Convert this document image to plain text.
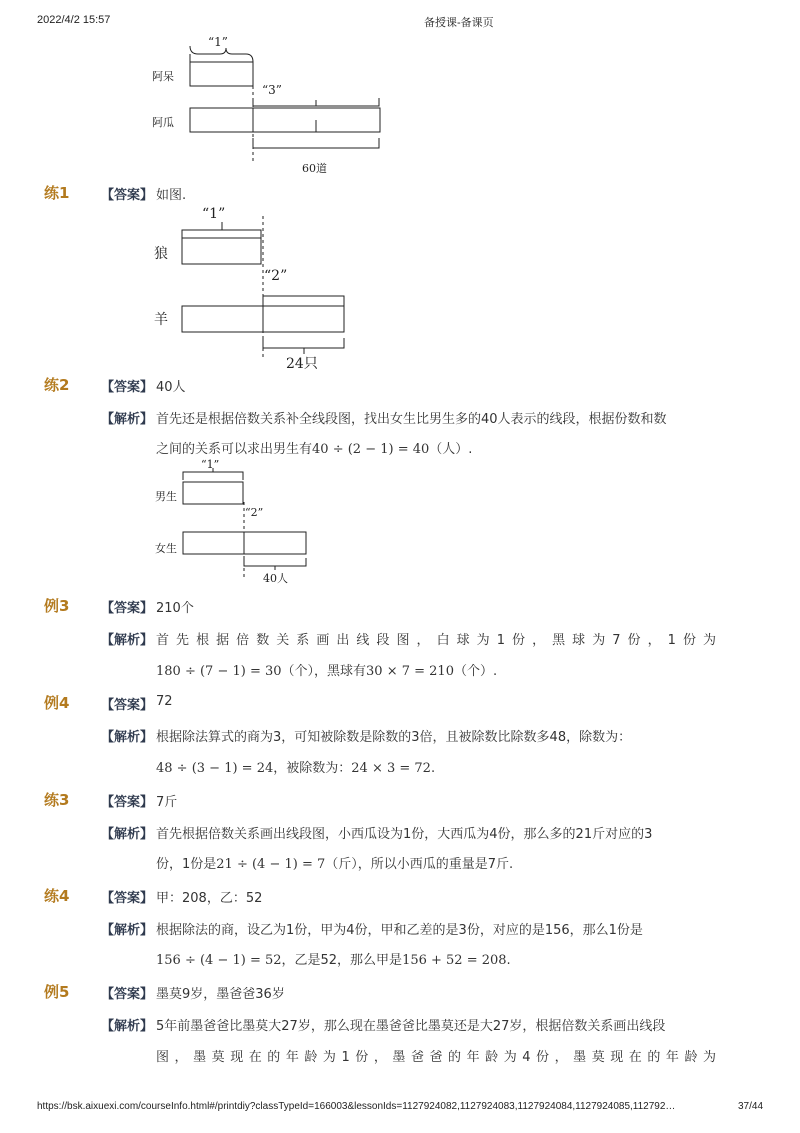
2022/4/2 15:57	备授课-备课页
“1”
“3”
阿呆
阿瓜
60道
练1 【答案】 如图.
“1”
“2”
狼
羊
24只
练2 【答案】 40人
【解析】 首先还是根据倍数关系补全线段图，找出女生比男生多的40人表示的线段，根据份数和数
之间的关系可以求出男生有40 ÷ (2 − 1) = 40（人）.
“1”
“2”
男生
女生
40人
例3 【答案】 210个
【解析】 首先根据倍数关系画出线段图，白球为1份，黑球为7份，1份为
180 ÷ (7 − 1) = 30（个），黑球有30 × 7 = 210（个）.
例4 【答案】 72
【解析】 根据除法算式的商为3，可知被除数是除数的3倍，且被除数比除数多48，除数为：
48 ÷ (3 − 1) = 24，被除数为：24 × 3 = 72.
练3 【答案】 7斤
【解析】 首先根据倍数关系画出线段图，小西瓜设为1份，大西瓜为4份，那么多的21斤对应的3
份，1份是21 ÷ (4 − 1) = 7（斤），所以小西瓜的重量是7斤.
练4 【答案】 甲：208，乙：52
【解析】 根据除法的商，设乙为1份，甲为4份，甲和乙差的是3份，对应的是156，那么1份是
156 ÷ (4 − 1) = 52，乙是52，那么甲是156 + 52 = 208.
例5 【答案】 墨莫9岁，墨爸爸36岁
【解析】 5年前墨爸爸比墨莫大27岁，那么现在墨爸爸比墨莫还是大27岁，根据倍数关系画出线段
图，墨莫现在的年龄为1份，墨爸爸的年龄为4份，墨莫现在的年龄为
https://bsk.aixuexi.com/courseInfo.html#/printdiy?classTypeId=166003&lessonIds=1127924082,1127924083,1127924084,1127924085,112792…	37/44
